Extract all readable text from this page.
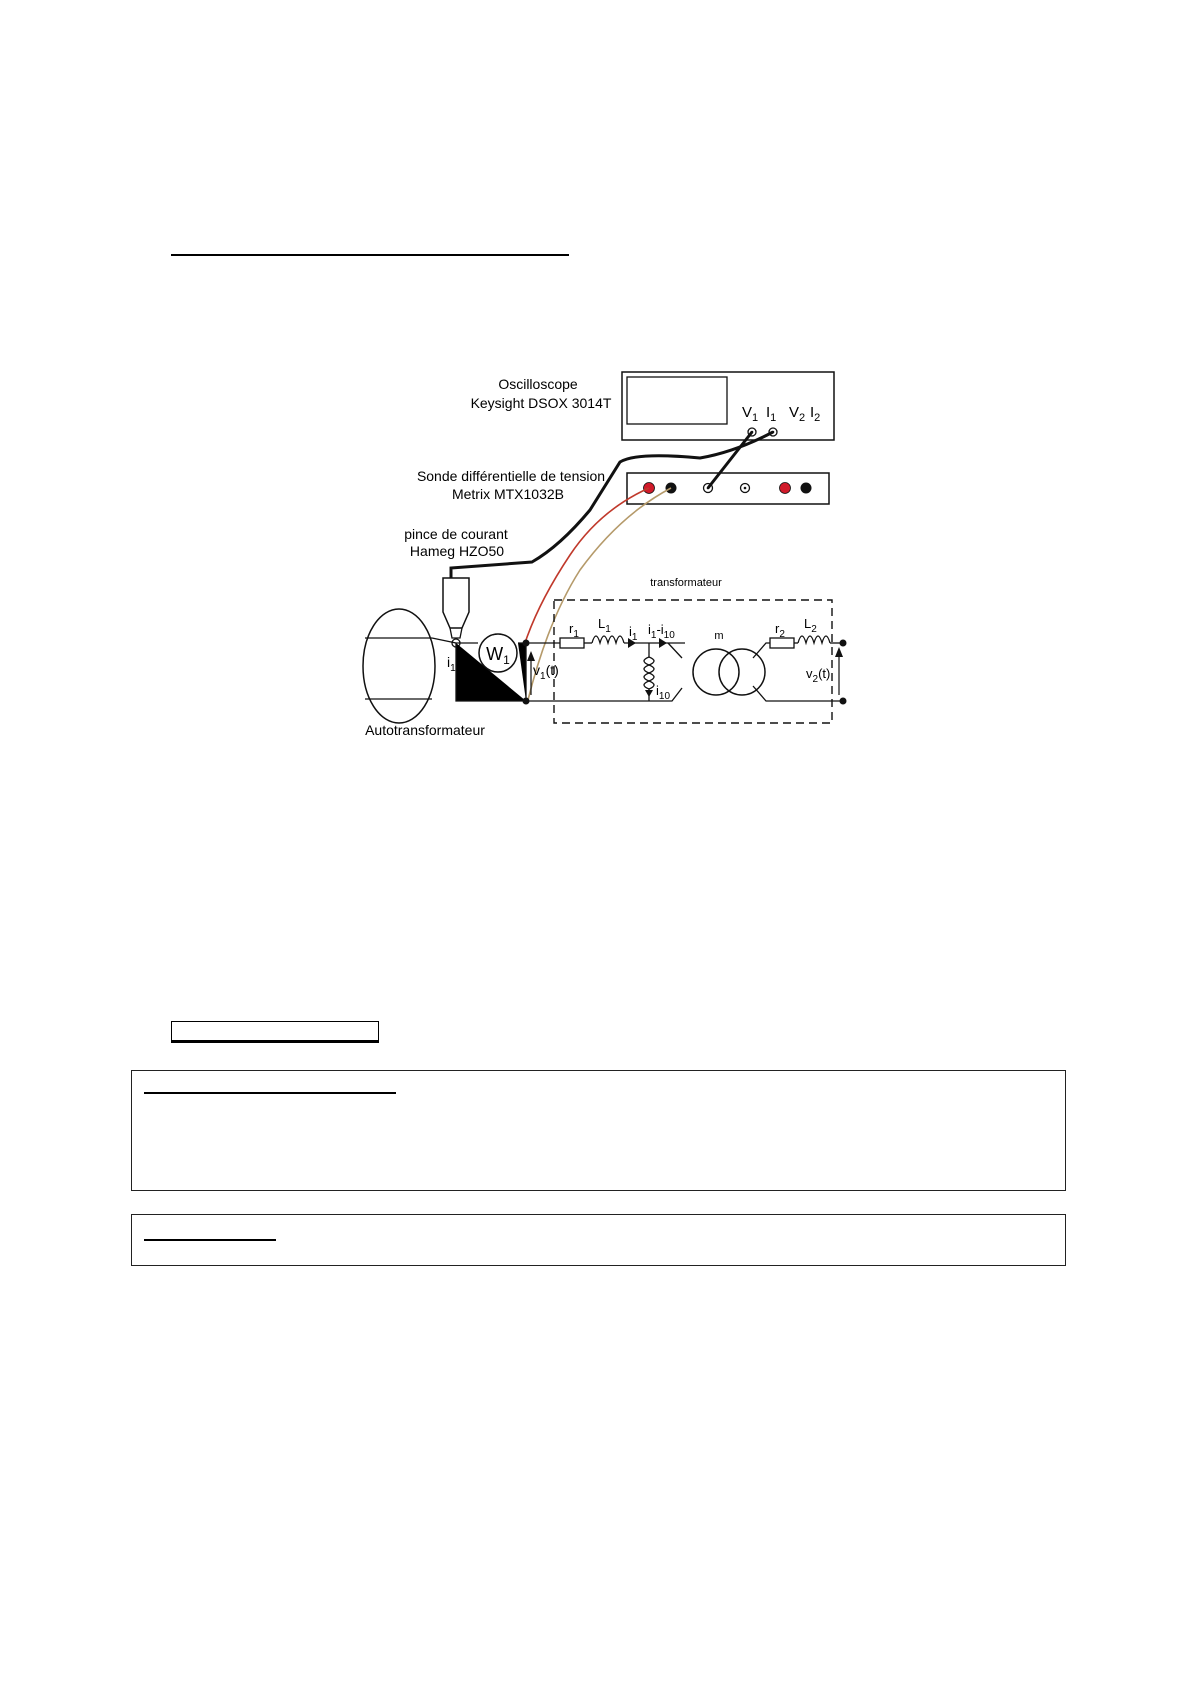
Oscilloscope
Keysight DSOX 3014T
$V_1$ $I_1$ $V_2$ $I_2$
Sonde différentielle de tension
Metrix MTX1032B
pince de courant
Hameg HZO50
Autotransformateur
$W_1$
$i_1(t)$	$v_1(t)$
transformateur
$r_1$
$L_1$ $i_1$
$i_1-i_{10}$
$i_{10}$
m	$r_2$
$L_2$
$v_2(t)$
